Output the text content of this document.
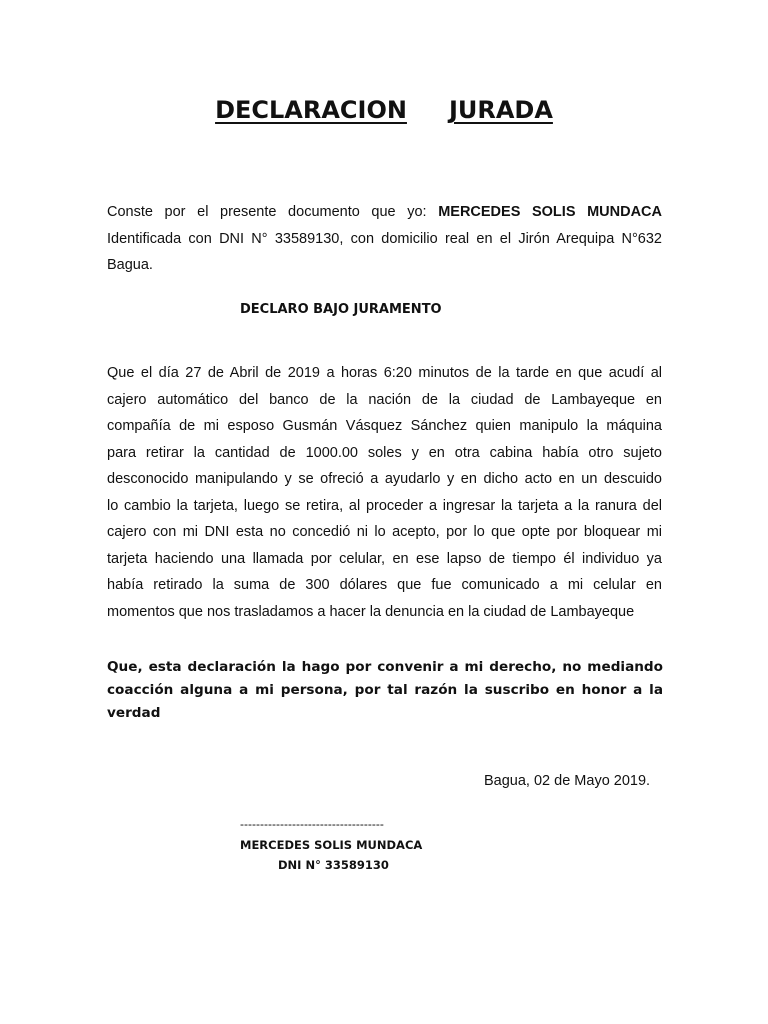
DECLARACION JURADA
Conste por el presente documento que yo: MERCEDES SOLIS MUNDACA
Identificada con DNI N° 33589130, con domicilio real en el Jirón Arequipa N°632
Bagua.
DECLARO BAJO JURAMENTO
Que el día 27 de Abril de 2019 a horas 6:20 minutos de la tarde en que acudí al
cajero automático del banco de la nación de la ciudad de Lambayeque en
compañía de mi esposo Gusmán Vásquez Sánchez quien manipulo la máquina
para retirar la cantidad de 1000.00 soles y en otra cabina había otro sujeto
desconocido manipulando y se ofreció a ayudarlo y en dicho acto en un descuido
lo cambio la tarjeta, luego se retira, al proceder a ingresar la tarjeta a la ranura del
cajero con mi DNI esta no concedió ni lo acepto, por lo que opte por bloquear mi
tarjeta haciendo una llamada por celular, en ese lapso de tiempo él individuo ya
había retirado la suma de 300 dólares que fue comunicado a mi celular en
momentos que nos trasladamos a hacer la denuncia en la ciudad de Lambayeque
Que, esta declaración la hago por convenir a mi derecho, no mediando
coacción alguna a mi persona, por tal razón la suscribo en honor a la
verdad
Bagua, 02 de Mayo 2019.
------------------------------------
MERCEDES SOLIS MUNDACA
DNI N° 33589130
